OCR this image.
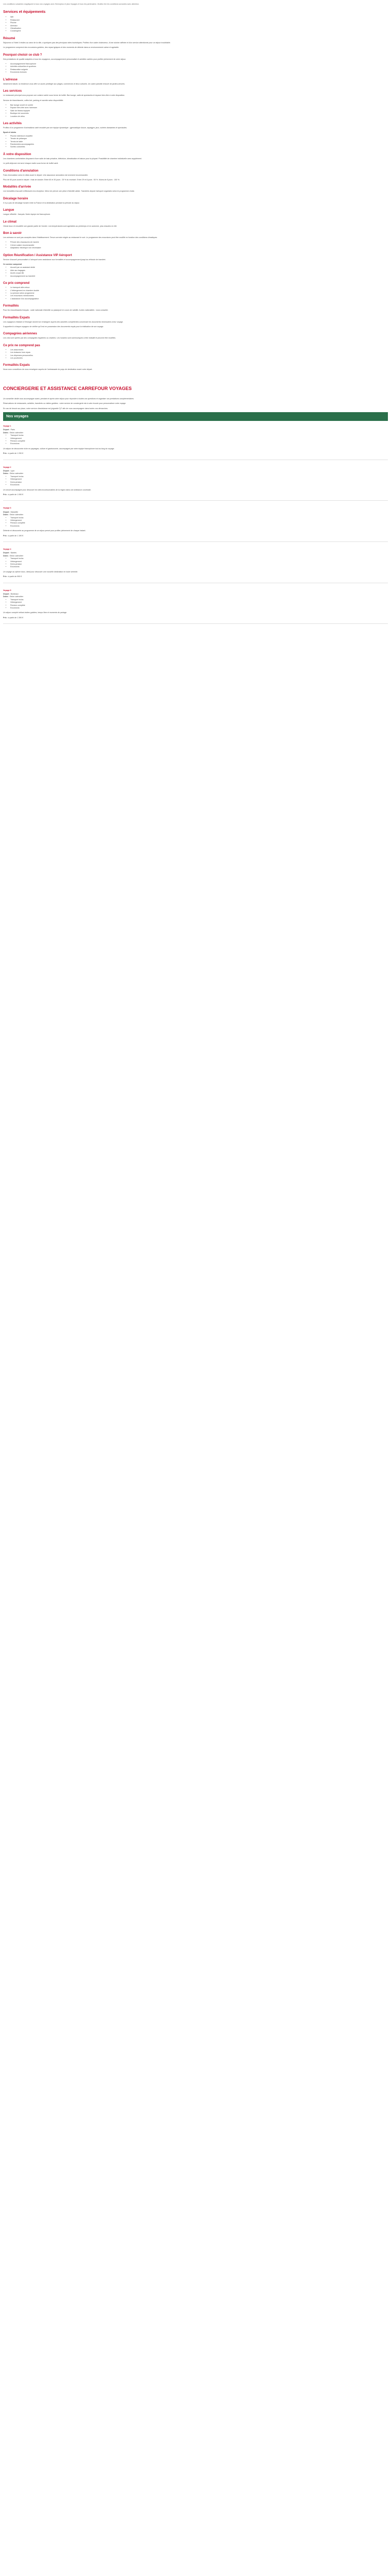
Les conditions suivantes s'appliquent à tous nos voyages avec Seniorplus et plus Voyages et tous les partenaires. Veuillez lire les conditions suivantes avec attention.

Services et équipements
• Wifi
• Restaurant
• Piscine
• Animaux
• Climatisation
• Conciergerie
Résumé

Séjournez à l'hôtel 4 étoiles au cœur de la ville, à quelques pas des principaux sites touristiques. Profitez d'un cadre chaleureux, d'une cuisine raffinée et d'un service attentionné pour un séjour inoubliable.

Le programme comprend des excursions guidées, des repas typiques et des moments de détente dans un environnement calme et agréable.

Pourquoi choisir ce club ?

Des prestations de qualité adaptées à tous les voyageurs, accompagnement personnalisé et activités variées pour profiter pleinement de votre séjour.

• Accompagnement francophone
• Activités culturelles et sportives
• Restauration soignée
• Excursions incluses
L'adresse

Idéalement située, la résidence vous offre un accès privilégié aux plages, commerces et lieux culturels. Un cadre paisible entouré de jardins arborés.

Les services

Le restaurant principal vous propose une cuisine variée sous forme de buffet. Bar lounge, salle de spectacles et espace bien-être à votre disposition.

Service de blanchisserie, coffre-fort, parking et navette selon disponibilité.

• Bar lounge ouvert en soirée
• Espace bien-être avec hammam
• Salle de fitness équipée
• Boutique de souvenirs
• Location de vélos
Les activités

Profitez d'un programme d'animations varié encadré par une équipe dynamique : gymnastique douce, aquagym, jeux, soirées dansantes et spectacles.

Sport et loisirs
• Piscine extérieure chauffée
• Terrain de pétanque
• Tennis de table
• Randonnées accompagnées
• Sorties culturelles
À votre disposition

Les chambres confortables disposent d'une salle de bain privative, télévision, climatisation et balcon pour la plupart. Possibilité de chambre individuelle avec supplément.

Le petit-déjeuner est servi chaque matin sous forme de buffet varié.

Conditions d'annulation

Frais d'annulation selon le délai avant le départ. Une assurance annulation est vivement recommandée.

Plus de 60 jours avant le départ : frais de dossier. Entre 60 et 30 jours : 25 % du montant. Entre 29 et 8 jours : 50 %. Moins de 8 jours : 100 %.

Modalités d'arrivée

Les formalités d'accueil s'effectuent à la réception. Merci de prévoir une pièce d'identité valide. Transferts depuis l'aéroport organisés selon le programme choisi.

Décalage horaire

Il n'y a pas de décalage horaire entre la France et la destination pendant la période du séjour.

Langue

Langue officielle : français. Notre équipe est francophone.

Le climat

Climat doux et ensoleillé une grande partie de l'année. Les températures sont agréables au printemps et en automne, plus chaudes en été.

Bon à savoir

Les animaux ne sont pas acceptés dans l'établissement. Tenue correcte exigée au restaurant le soir. Le programme des excursions peut être modifié en fonction des conditions climatiques.

• Prévoir des chaussures de marche
• Crème solaire recommandée
• Adaptateur électrique non nécessaire
Option Réunification / Assistance VIP Aéroport

Service d'accueil personnalisé à l'aéroport avec assistance aux formalités et accompagnement jusqu'au véhicule de transfert.

Ce service comprend
• Accueil par un assistant dédié
• Aide aux bagages
• Accès coupe-file
• Accompagnement au transfert
Ce prix comprend
• Le transport aller-retour
• L'hébergement en chambre double
• La pension selon programme
• Les excursions mentionnées
• L'assistance d'un accompagnateur
Formalités

Pour les ressortissants français : carte nationale d'identité ou passeport en cours de validité. Autres nationalités : nous consulter.

Formalités Expats

Les voyageurs résidant à l'étranger doivent se renseigner auprès des autorités compétentes concernant les documents nécessaires à leur voyage.

Il appartient à chaque voyageur de vérifier qu'il est en possession des documents requis pour la réalisation de son voyage.

Compagnies aériennes

Les vols sont opérés par des compagnies régulières ou charters. Les horaires sont communiqués à titre indicatif et peuvent être modifiés.

Ce prix ne comprend pas
• Les assurances
• Les boissons hors repas
• Les dépenses personnelles
• Les pourboires
Formalités Expats

Nous vous conseillons de vous renseigner auprès de l'ambassade du pays de destination avant votre départ.

CONCIERGERIE ET ASSISTANCE CARREFOUR VOYAGES

Un conseiller dédié vous accompagne avant, pendant et après votre séjour pour répondre à toutes vos questions et organiser vos prestations complémentaires.

Réservations de restaurants, activités, transferts ou visites guidées : notre service de conciergerie est à votre écoute pour personnaliser votre voyage.

En cas de besoin sur place, notre service d'assistance est joignable 7j/7 afin de vous accompagner dans toutes vos démarches.

Nos voyages
Voyage 1
Départ : Paris
Dates : Selon calendrier
• Transport inclus
• Hébergement
• Pension complète
• Excursions

Un séjour de découverte riche en paysages, culture et gastronomie, accompagné par notre équipe francophone tout au long du voyage.

Prix : à partir de 1 290 €
Voyage 2
Départ : Lyon
Dates : Selon calendrier
• Transport inclus
• Hébergement
• Demi-pension
• Excursions

Un circuit accompagné pour découvrir les sites incontournables de la région dans une ambiance conviviale.

Prix : à partir de 1 090 €
Voyage 3
Départ : Marseille
Dates : Selon calendrier
• Transport inclus
• Hébergement
• Pension complète
• Excursions

Détente et découverte au programme de ce séjour pensé pour profiter pleinement de chaque instant.

Prix : à partir de 1 190 €
Voyage 4
Départ : Nantes
Dates : Selon calendrier
• Transport inclus
• Hébergement
• Demi-pension
• Excursions

Un voyage au rythme doux, idéal pour découvrir une nouvelle destination en toute sérénité.

Prix : à partir de 990 €
Voyage 5
Départ : Bordeaux
Dates : Selon calendrier
• Transport inclus
• Hébergement
• Pension complète
• Excursions

Un séjour complet mêlant visites guidées, temps libre et moments de partage.

Prix : à partir de 1 390 €
